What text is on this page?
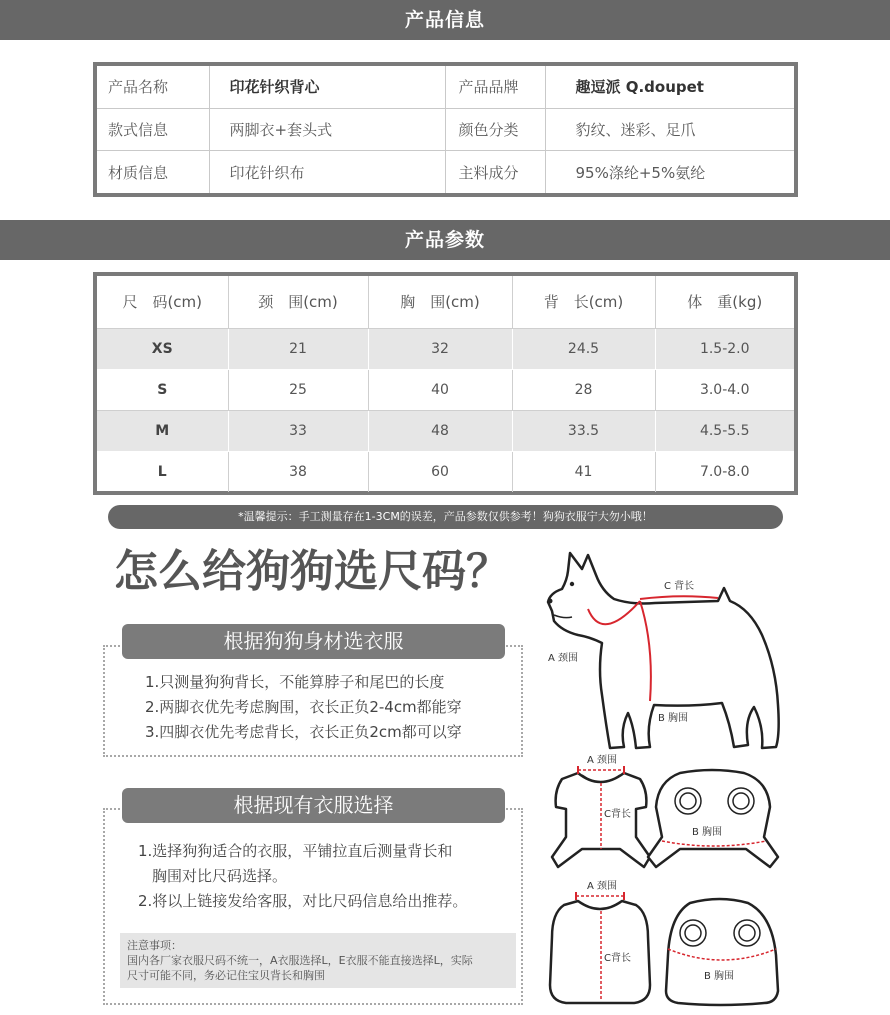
产品信息
产品名称	印花针织背心	产品品牌	趣逗派 Q.doupet
款式信息	两脚衣+套头式	颜色分类	豹纹、迷彩、足爪
材质信息	印花针织布	主料成分	95%涤纶+5%氨纶
产品参数
尺　码(cm)	颈　围(cm)	胸　围(cm)	背　长(cm)	体　重(kg)
XS	21	32	24.5	1.5-2.0
S	25	40	28	3.0-4.0
M	33	48	33.5	4.5-5.5
L	38	60	41	7.0-8.0
*温馨提示：手工测量存在1-3CM的误差，产品参数仅供参考！狗狗衣服宁大勿小哦！
怎么给狗狗选尺码？
根据狗狗身材选衣服
1.只测量狗狗背长，不能算脖子和尾巴的长度
2.两脚衣优先考虑胸围，衣长正负2-4cm都能穿
3.四脚衣优先考虑背长，衣长正负2cm都可以穿
根据现有衣服选择
1.选择狗狗适合的衣服，平铺拉直后测量背长和
胸围对比尺码选择。
2.将以上链接发给客服，对比尺码信息给出推荐。
注意事项：
国内各厂家衣服尺码不统一，A衣服选择L，E衣服不能直接选择L，实际
尺寸可能不同，务必记住宝贝背长和胸围
C 背长
A 颈围
B 胸围
A 颈围
C背长
B 胸围
A 颈围
C背长
B 胸围
